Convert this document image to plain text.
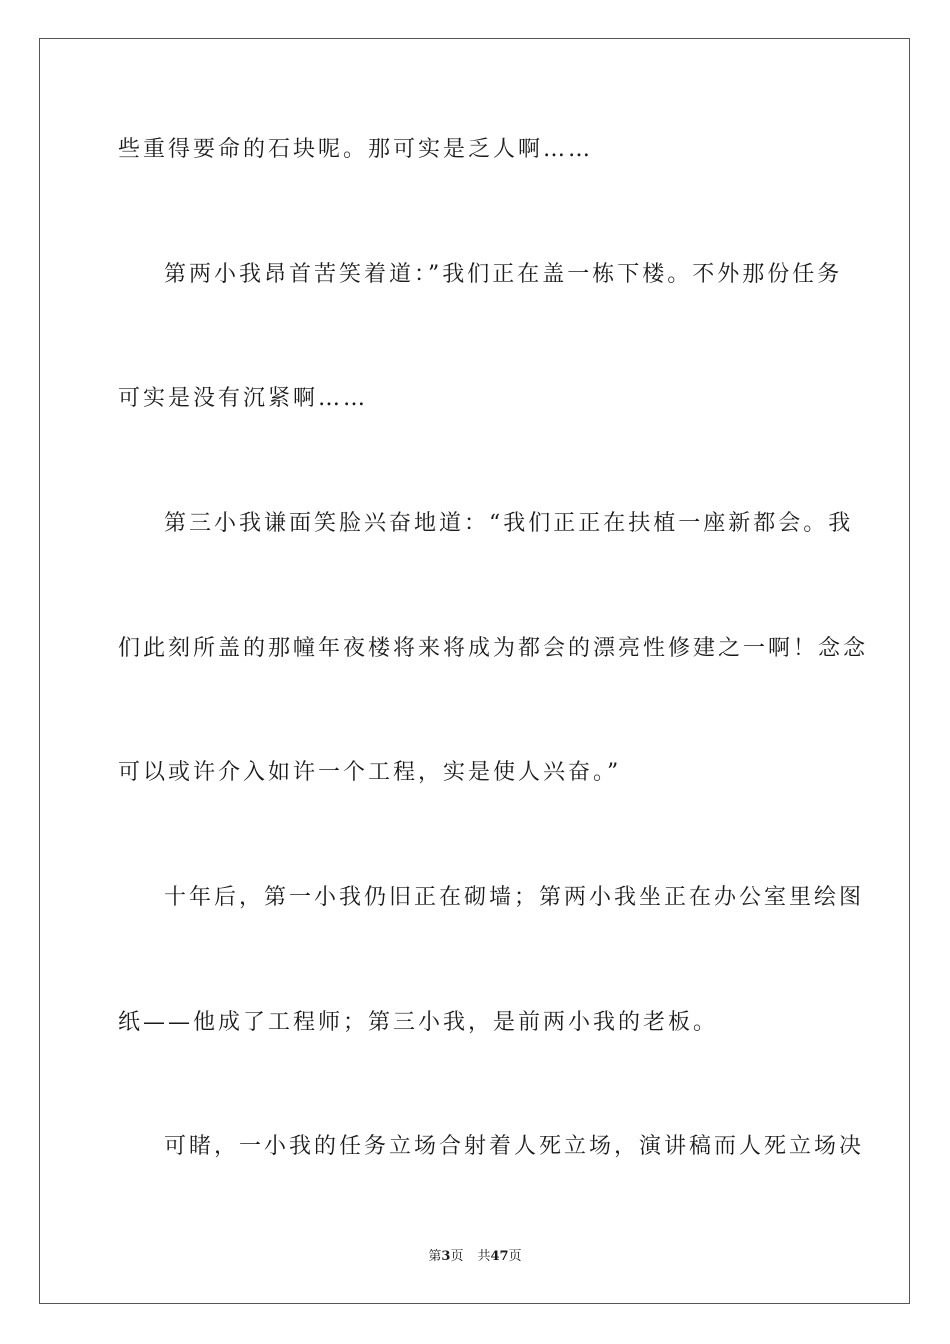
些重得要命的石块呢。那可实是乏人啊……
第两小我昂首苦笑着道：”我们正在盖一栋下楼。不外那份任务
可实是没有沉紧啊……
第三小我谦面笑脸兴奋地道：“我们正正在扶植一座新都会。我
们此刻所盖的那幢年夜楼将来将成为都会的漂亮性修建之一啊！念念
可以或许介入如许一个工程，实是使人兴奋。”
十年后，第一小我仍旧正在砌墙；第两小我坐正在办公室里绘图
纸——他成了工程师；第三小我，是前两小我的老板。
可睹，一小我的任务立场合射着人死立场，演讲稿而人死立场决
第3页 共47页
